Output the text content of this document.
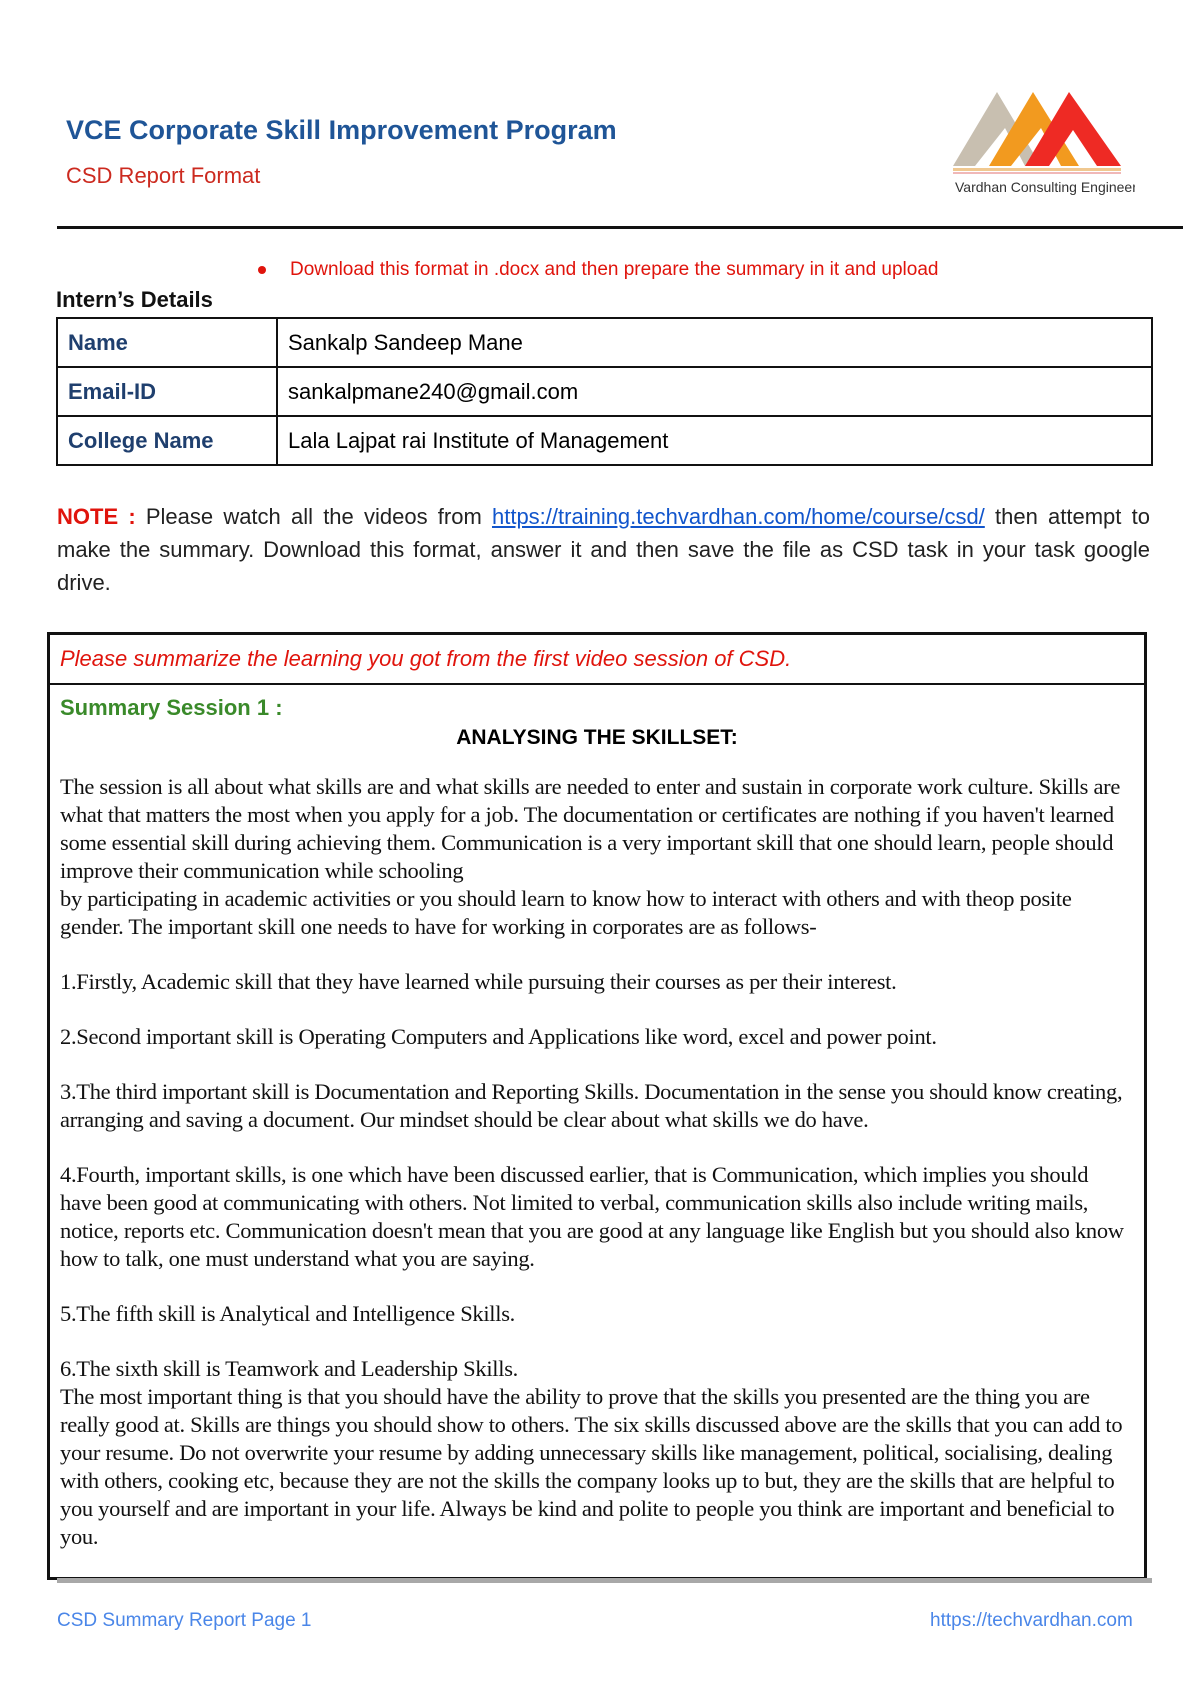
VCE Corporate Skill Improvement Program
CSD Report Format	Vardhan Consulting Engineers
Download this format in .docx and then prepare the summary in it and upload
Intern’s Details
Name	Sankalp Sandeep Mane
Email-ID	sankalpmane240@gmail.com
College Name	Lala Lajpat rai Institute of Management
NOTE : Please watch all the videos from https://training.techvardhan.com/home/course/csd/ then attempt to make the summary. Download this format, answer it and then save the file as CSD task in your task google drive.
Please summarize the learning you got from the first video session of CSD.
Summary Session 1 :
ANALYSING THE SKILLSET:

The session is all about what skills are and what skills are needed to enter and sustain in corporate work culture. Skills are what that matters the most when you apply for a job. The documentation or certificates are nothing if you haven't learned some essential skill during achieving them. Communication is a very important skill that one should learn, people should improve their communication while schooling

by participating in academic activities or you should learn to know how to interact with others and with theop posite gender. The important skill one needs to have for working in corporates are as follows-

1.Firstly, Academic skill that they have learned while pursuing their courses as per their interest.

2.Second important skill is Operating Computers and Applications like word, excel and power point.

3.The third important skill is Documentation and Reporting Skills. Documentation in the sense you should know creating, arranging and saving a document. Our mindset should be clear about what skills we do have.

4.Fourth, important skills, is one which have been discussed earlier, that is Communication, which implies you should have been good at communicating with others. Not limited to verbal, communication skills also include writing mails, notice, reports etc. Communication doesn't mean that you are good at any language like English but you should also know how to talk, one must understand what you are saying.

5.The fifth skill is Analytical and Intelligence Skills.

6.The sixth skill is Teamwork and Leadership Skills.

The most important thing is that you should have the ability to prove that the skills you presented are the thing you are really good at. Skills are things you should show to others. The six skills discussed above are the skills that you can add to your resume. Do not overwrite your resume by adding unnecessary skills like management, political, socialising, dealing with others, cooking etc, because they are not the skills the company looks up to but, they are the skills that are helpful to you yourself and are important in your life. Always be kind and polite to people you think are important and beneficial to you.

CSD Summary Report Page 1	https://techvardhan.com
